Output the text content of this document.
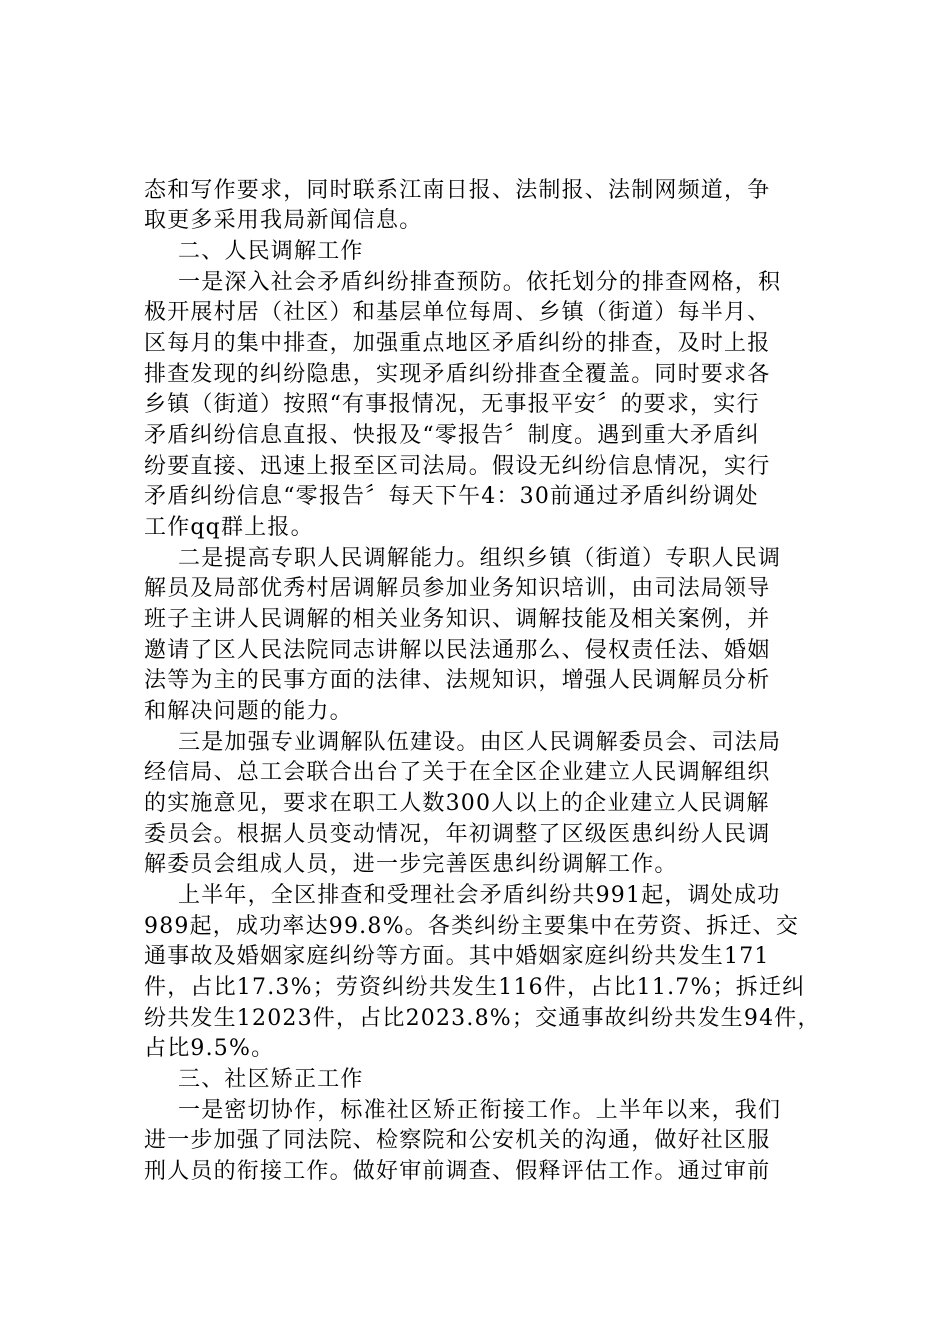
态和写作要求，同时联系江南日报、法制报、法制网频道，争
取更多采用我局新闻信息。
二、人民调解工作
一是深入社会矛盾纠纷排查预防。依托划分的排查网格，积
极开展村居（社区）和基层单位每周、乡镇（街道）每半月、
区每月的集中排查，加强重点地区矛盾纠纷的排查，及时上报
排查发现的纠纷隐患，实现矛盾纠纷排查全覆盖。同时要求各
乡镇（街道）按照“有事报情况，无事报平安〞的要求，实行
矛盾纠纷信息直报、快报及“零报告〞制度。遇到重大矛盾纠
纷要直接、迅速上报至区司法局。假设无纠纷信息情况，实行
矛盾纠纷信息“零报告〞每天下午4：30前通过矛盾纠纷调处
工作qq群上报。
二是提高专职人民调解能力。组织乡镇（街道）专职人民调
解员及局部优秀村居调解员参加业务知识培训，由司法局领导
班子主讲人民调解的相关业务知识、调解技能及相关案例，并
邀请了区人民法院同志讲解以民法通那么、侵权责任法、婚姻
法等为主的民事方面的法律、法规知识，增强人民调解员分析
和解决问题的能力。
三是加强专业调解队伍建设。由区人民调解委员会、司法局
经信局、总工会联合出台了关于在全区企业建立人民调解组织
的实施意见，要求在职工人数300人以上的企业建立人民调解
委员会。根据人员变动情况，年初调整了区级医患纠纷人民调
解委员会组成人员，进一步完善医患纠纷调解工作。
上半年，全区排查和受理社会矛盾纠纷共991起，调处成功
989起，成功率达99.8%。各类纠纷主要集中在劳资、拆迁、交
通事故及婚姻家庭纠纷等方面。其中婚姻家庭纠纷共发生171
件，占比17.3%；劳资纠纷共发生116件，占比11.7%；拆迁纠
纷共发生12023件，占比2023.8%；交通事故纠纷共发生94件，
占比9.5%。
三、社区矫正工作
一是密切协作，标准社区矫正衔接工作。上半年以来，我们
进一步加强了同法院、检察院和公安机关的沟通，做好社区服
刑人员的衔接工作。做好审前调查、假释评估工作。通过审前
